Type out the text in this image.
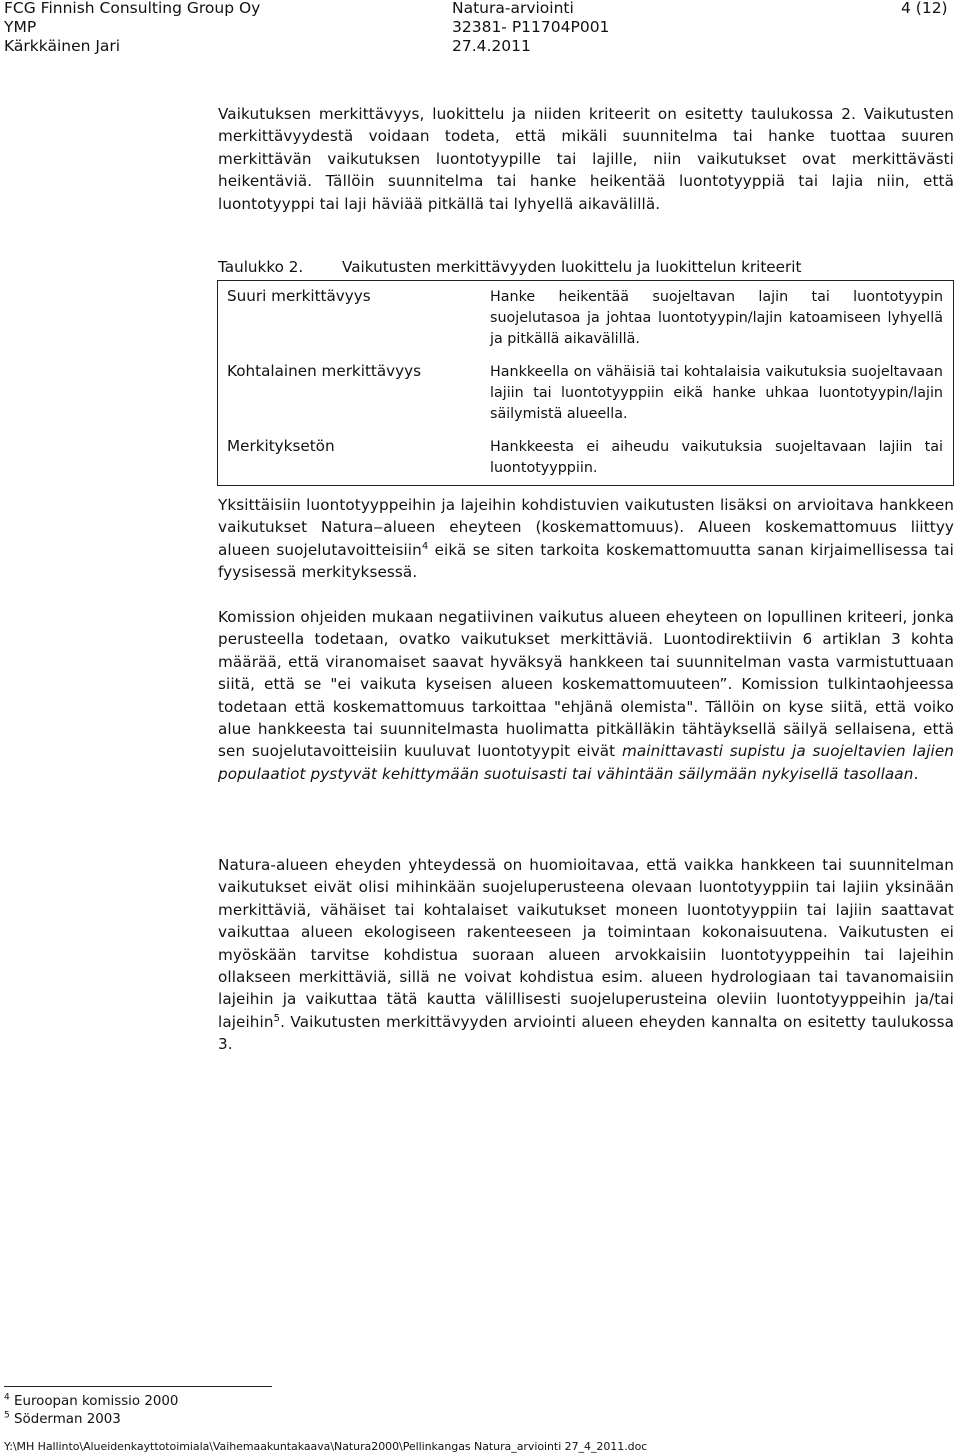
FCG Finnish Consulting Group Oy
YMP
Kärkkäinen Jari
Natura-arviointi
32381- P11704P001
27.4.2011
4 (12)

Vaikutuksen merkittävyys, luokittelu ja niiden kriteerit on esitetty taulukossa 2. Vaikutusten merkittävyydestä voidaan todeta, että mikäli suunnitelma tai hanke tuottaa suuren merkittävän vaikutuksen luontotyypille tai lajille, niin vaikutukset ovat merkittävästi heikentäviä. Tällöin suunnitelma tai hanke heikentää luontotyyppiä tai lajia niin, että luontotyyppi tai laji häviää pitkällä tai lyhyellä aikavälillä.

Taulukko 2.	Vaikutusten merkittävyyden luokittelu ja luokittelun kriteerit
Suuri merkittävyys	Hanke heikentää suojeltavan lajin tai luontotyypin suojelutasoa ja johtaa luontotyypin/lajin katoamiseen lyhyellä ja pitkällä aikavälillä.
Kohtalainen merkittävyys	Hankkeella on vähäisiä tai kohtalaisia vaikutuksia suojeltavaan lajiin tai luontotyyppiin eikä hanke uhkaa luontotyypin/lajin säilymistä alueella.
Merkityksetön	Hankkeesta ei aiheudu vaikutuksia suojeltavaan lajiin tai luontotyyppiin.

Yksittäisiin luontotyyppeihin ja lajeihin kohdistuvien vaikutusten lisäksi on arvioitava hankkeen vaikutukset Natura‒alueen eheyteen (koskemattomuus). Alueen koskemattomuus liittyy alueen suojelutavoitteisiin$^4$ eikä se siten tarkoita koskemattomuutta sanan kirjaimellisessa tai fyysisessä merkityksessä.

Komission ohjeiden mukaan negatiivinen vaikutus alueen eheyteen on lopullinen kriteeri, jonka perusteella todetaan, ovatko vaikutukset merkittäviä. Luontodirektiivin 6 artiklan 3 kohta määrää, että viranomaiset saavat hyväksyä hankkeen tai suunnitelman vasta varmistuttuaan siitä, että se "ei vaikuta kyseisen alueen koskemattomuuteen”. Komission tulkintaohjeessa todetaan että koskemattomuus tarkoittaa "ehjänä olemista". Tällöin on kyse siitä, että voiko alue hankkeesta tai suunnitelmasta huolimatta pitkälläkin tähtäyksellä säilyä sellaisena, että sen suojelutavoitteisiin kuuluvat luontotyypit eivät mainittavasti supistu ja suojeltavien lajien populaatiot pystyvät kehittymään suotuisasti tai vähintään säilymään nykyisellä tasollaan.

Natura-alueen eheyden yhteydessä on huomioitavaa, että vaikka hankkeen tai suunnitelman vaikutukset eivät olisi mihinkään suojeluperusteena olevaan luontotyyppiin tai lajiin yksinään merkittäviä, vähäiset tai kohtalaiset vaikutukset moneen luontotyyppiin tai lajiin saattavat vaikuttaa alueen ekologiseen rakenteeseen ja toimintaan kokonaisuutena. Vaikutusten ei myöskään tarvitse kohdistua suoraan alueen arvokkaisiin luontotyyppeihin tai lajeihin ollakseen merkittäviä, sillä ne voivat kohdistua esim. alueen hydrologiaan tai tavanomaisiin lajeihin ja vaikuttaa tätä kautta välillisesti suojeluperusteina oleviin luontotyyppeihin ja/tai lajeihin$^5$. Vaikutusten merkittävyyden arviointi alueen eheyden kannalta on esitetty taulukossa 3.

$^4$ Euroopan komissio 2000
$^5$ Söderman 2003
Y:\MH Hallinto\Alueidenkayttotoimiala\Vaihemaakuntakaava\Natura2000\Pellinkangas Natura_arviointi 27_4_2011.doc
